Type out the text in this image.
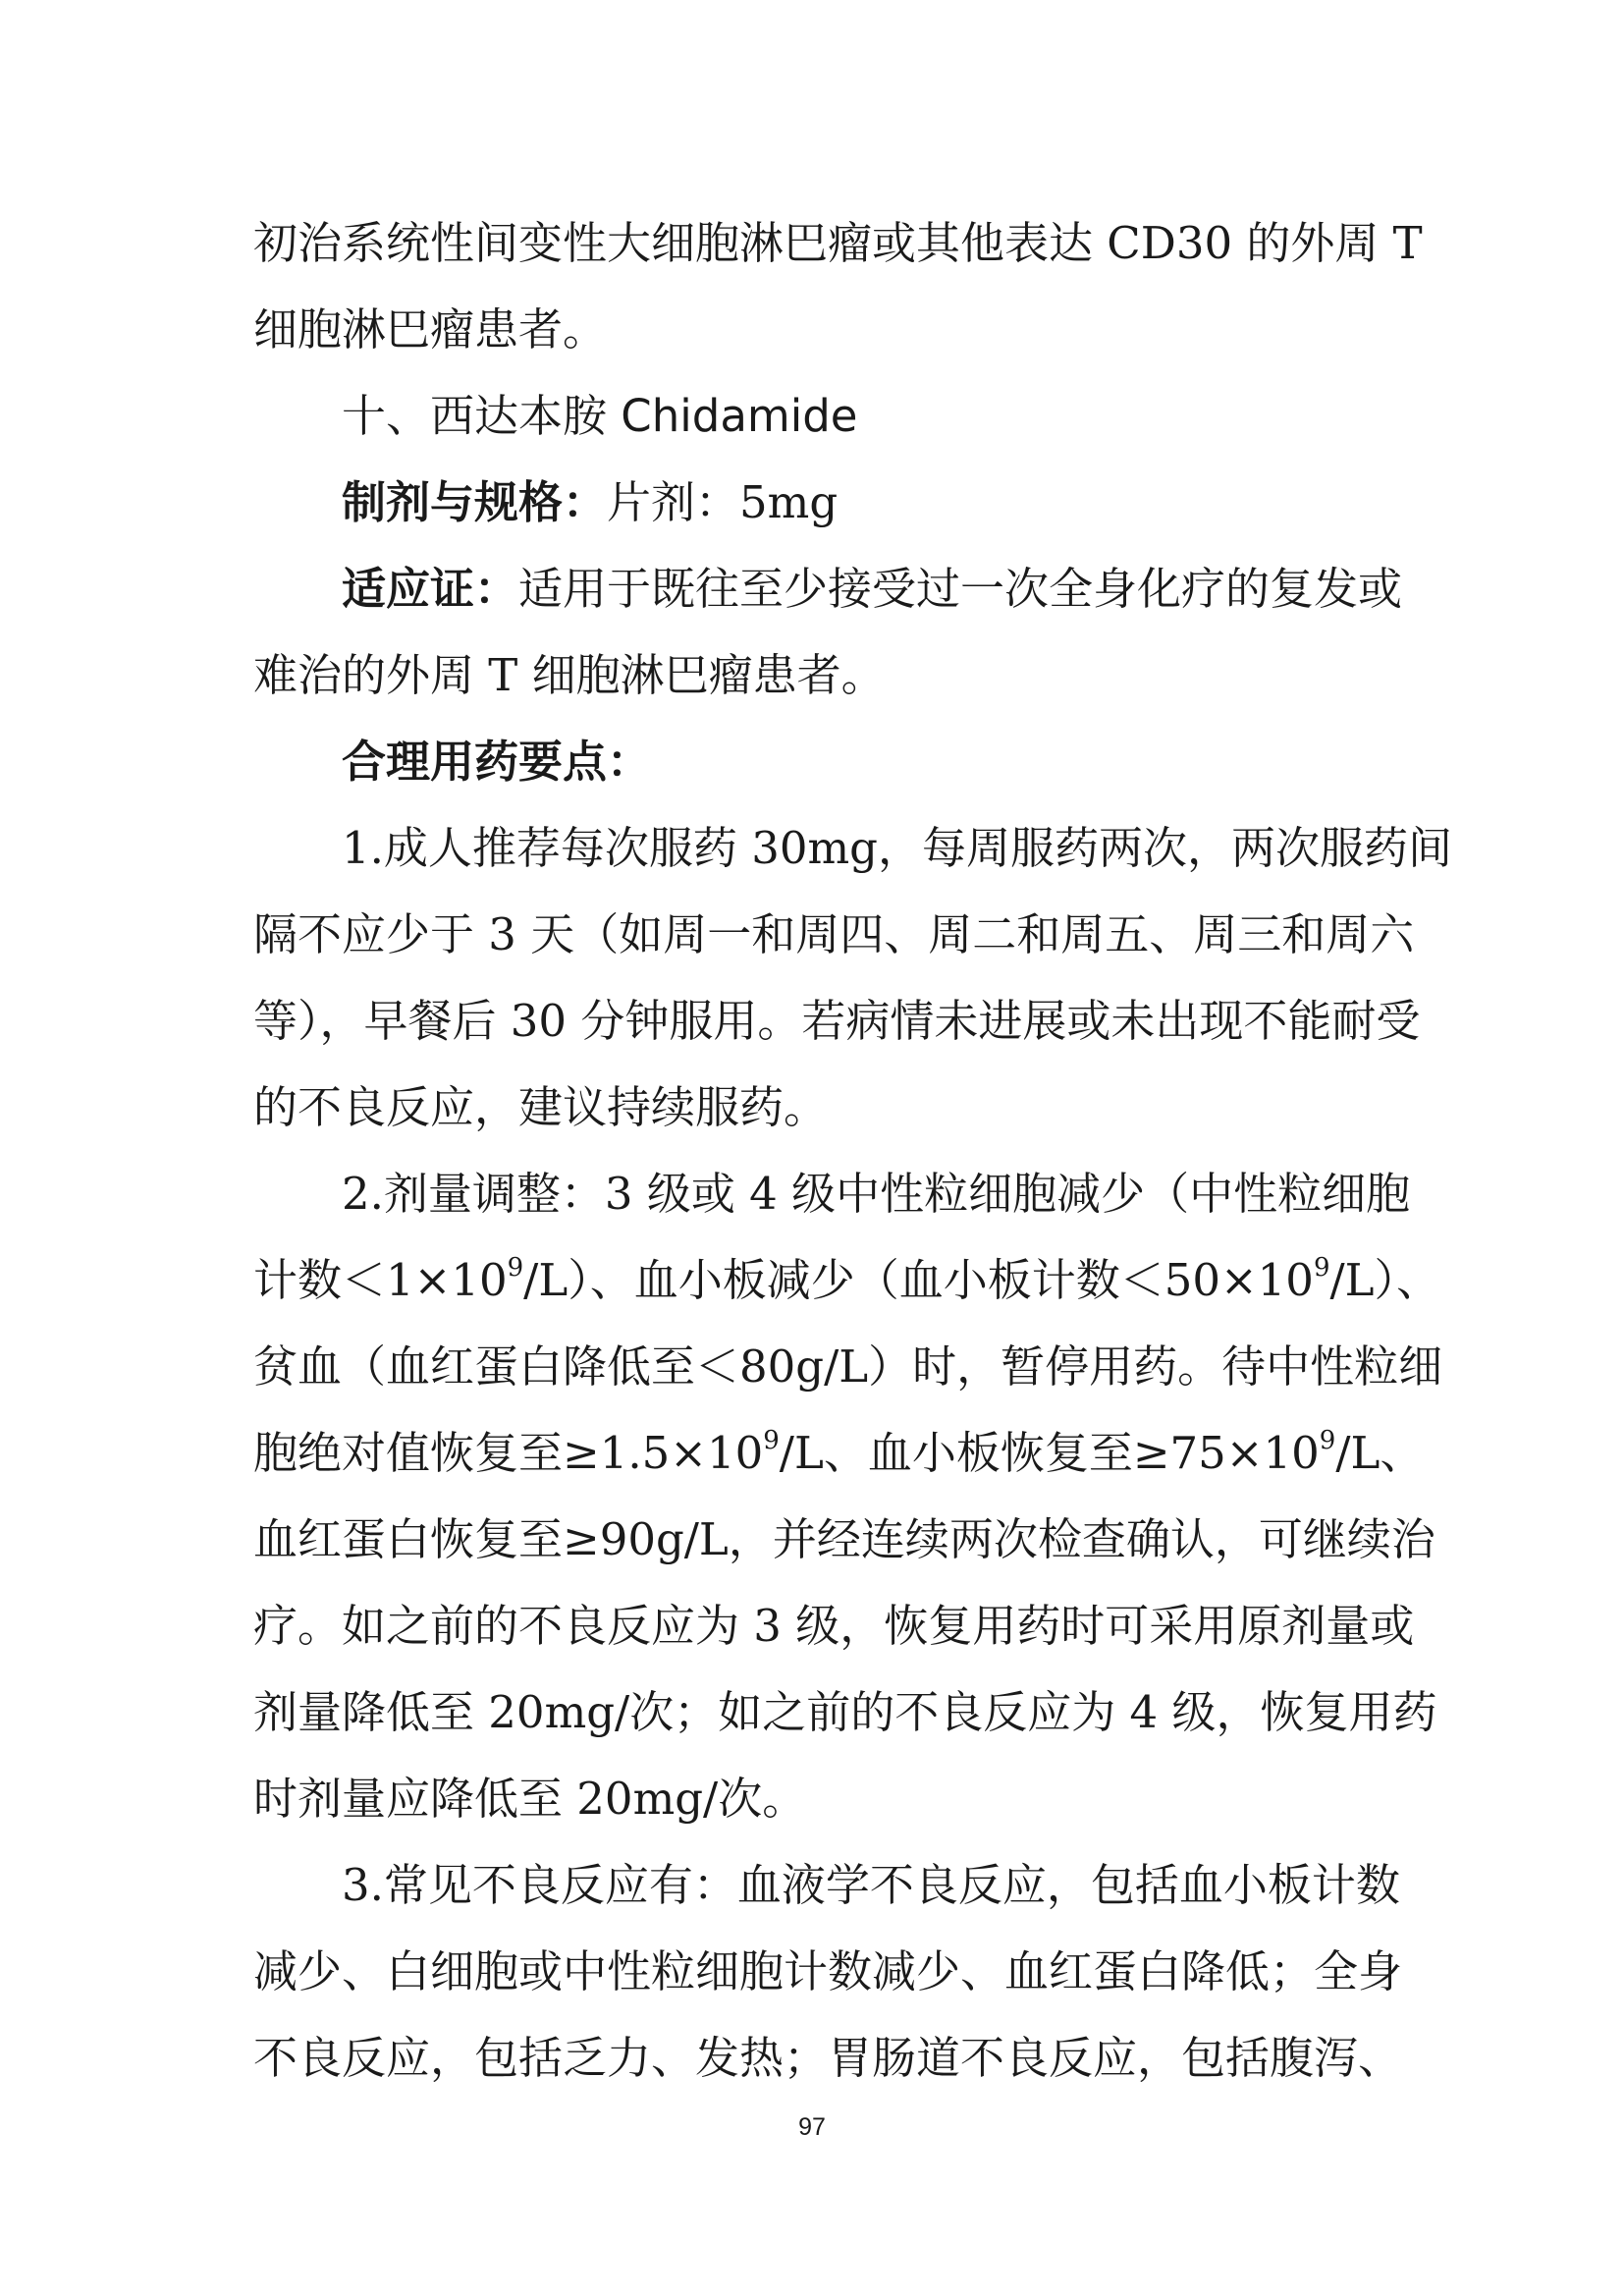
初治系统性间变性大细胞淋巴瘤或其他表达 CD30 的外周 T
细胞淋巴瘤患者。
十、西达本胺 Chidamide
制剂与规格：片剂：5mg
适应证：适用于既往至少接受过一次全身化疗的复发或
难治的外周 T 细胞淋巴瘤患者。
合理用药要点：
1.成人推荐每次服药 30mg，每周服药两次，两次服药间
隔不应少于 3 天（如周一和周四、周二和周五、周三和周六
等），早餐后 30 分钟服用。若病情未进展或未出现不能耐受
的不良反应，建议持续服药。
2.剂量调整：3 级或 4 级中性粒细胞减少（中性粒细胞
计数$<1\times 10^9/L$）、血小板减少（血小板计数$<50\times 10^9/L$）、
贫血（血红蛋白降低至＜80g/L）时，暂停用药。待中性粒细
胞绝对值恢复至$\ge 1.5\times 10^9/L$、血小板恢复至$\ge 75\times 10^9/L$、
血红蛋白恢复至≥90g/L，并经连续两次检查确认，可继续治
疗。如之前的不良反应为 3 级，恢复用药时可采用原剂量或
剂量降低至 20mg/次；如之前的不良反应为 4 级，恢复用药
时剂量应降低至 20mg/次。
3.常见不良反应有：血液学不良反应，包括血小板计数
减少、白细胞或中性粒细胞计数减少、血红蛋白降低；全身
不良反应，包括乏力、发热；胃肠道不良反应，包括腹泻、
97
